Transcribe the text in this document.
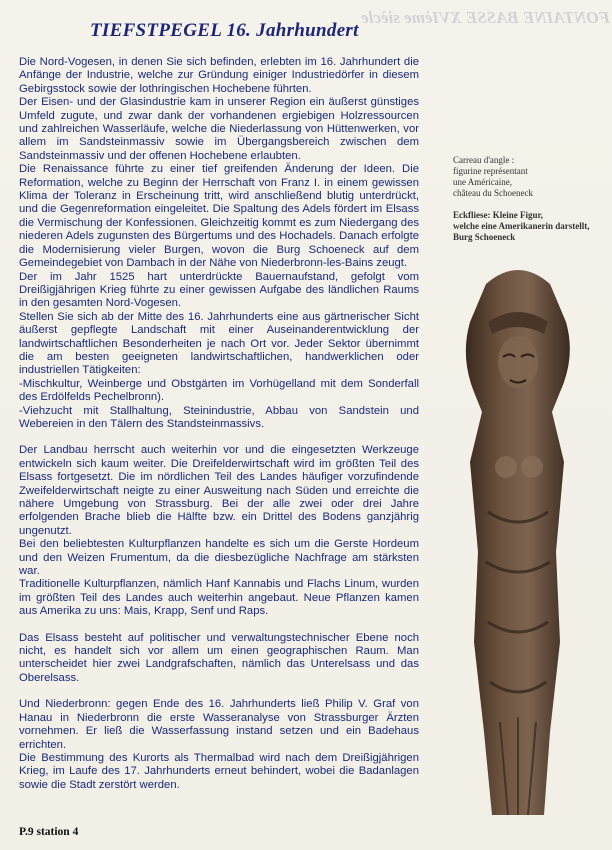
FONTAINE BASSE XVIème siècle
TIEFSTPEGEL 16. Jahrhundert

Die Nord-Vogesen, in denen Sie sich befinden, erlebten im 16. Jahrhundert die Anfänge der Industrie, welche zur Gründung einiger Industriedörfer in diesem Gebirgsstock sowie der lothringischen Hochebene führten.

Der Eisen- und der Glasindustrie kam in unserer Region ein äußerst günstiges Umfeld zugute, und zwar dank der vorhandenen ergiebigen Holzressourcen und zahlreichen Wasserläufe, welche die Niederlassung von Hüttenwerken, vor allem im Sandsteinmassiv sowie im Übergangsbereich zwischen dem Sandsteinmassiv und der offenen Hochebene erlaubten.

Die Renaissance führte zu einer tief greifenden Änderung der Ideen. Die Reformation, welche zu Beginn der Herrschaft von Franz I. in einem gewissen Klima der Toleranz in Erscheinung tritt, wird anschließend blutig unterdrückt, und die Gegenreformation eingeleitet. Die Spaltung des Adels fördert im Elsass die Vermischung der Konfessionen. Gleichzeitig kommt es zum Niedergang des niederen Adels zugunsten des Bürgertums und des Hochadels. Danach erfolgte die Modernisierung vieler Burgen, wovon die Burg Schoeneck auf dem Gemeindegebiet von Dambach in der Nähe von Niederbronn-les-Bains zeugt.

Der im Jahr 1525 hart unterdrückte Bauernaufstand, gefolgt vom Dreißigjährigen Krieg führte zu einer gewissen Aufgabe des ländlichen Raums in den gesamten Nord-Vogesen.

Stellen Sie sich ab der Mitte des 16. Jahrhunderts eine aus gärtnerischer Sicht äußerst gepflegte Landschaft mit einer Auseinanderentwicklung der landwirtschaftlichen Besonderheiten je nach Ort vor. Jeder Sektor übernimmt die am besten geeigneten landwirtschaftlichen, handwerklichen oder industriellen Tätigkeiten:

-Mischkultur, Weinberge und Obstgärten im Vorhügelland mit dem Sonderfall des Erdölfelds Pechelbronn).

-Viehzucht mit Stallhaltung, Steinindustrie, Abbau von Sandstein und Webereien in den Tälern des Standsteinmassivs.

Der Landbau herrscht auch weiterhin vor und die eingesetzten Werkzeuge entwickeln sich kaum weiter. Die Dreifelderwirtschaft wird im größten Teil des Elsass fortgesetzt. Die im nördlichen Teil des Landes häufiger vorzufindende Zweifelderwirtschaft neigte zu einer Ausweitung nach Süden und erreichte die nähere Umgebung von Strassburg. Bei der alle zwei oder drei Jahre erfolgenden Brache blieb die Hälfte bzw. ein Drittel des Bodens ganzjährig ungenutzt.

Bei den beliebtesten Kulturpflanzen handelte es sich um die Gerste Hordeum und den Weizen Frumentum, da die diesbezügliche Nachfrage am stärksten war.

Traditionelle Kulturpflanzen, nämlich Hanf Kannabis und Flachs Linum, wurden im größten Teil des Landes auch weiterhin angebaut. Neue Pflanzen kamen aus Amerika zu uns: Mais, Krapp, Senf und Raps.

Das Elsass besteht auf politischer und verwaltungstechnischer Ebene noch nicht, es handelt sich vor allem um einen geographischen Raum. Man unterscheidet hier zwei Landgrafschaften, nämlich das Unterelsass und das Oberelsass.

Und Niederbronn: gegen Ende des 16. Jahrhunderts ließ Philip V. Graf von Hanau in Niederbronn die erste Wasseranalyse von Strassburger Ärzten vornehmen. Er ließ die Wasserfassung instand setzen und ein Badehaus errichten.

Die Bestimmung des Kurorts als Thermalbad wird nach dem Dreißigjährigen Krieg, im Laufe des 17. Jahrhunderts erneut behindert, wobei die Badanlagen sowie die Stadt zerstört werden.

Carreau d'angle :
figurine représentant
une Américaine,
château du Schoeneck
Eckfliese: Kleine Figur,
welche eine Amerikanerin darstellt,
Burg Schoeneck
P.9 station 4
